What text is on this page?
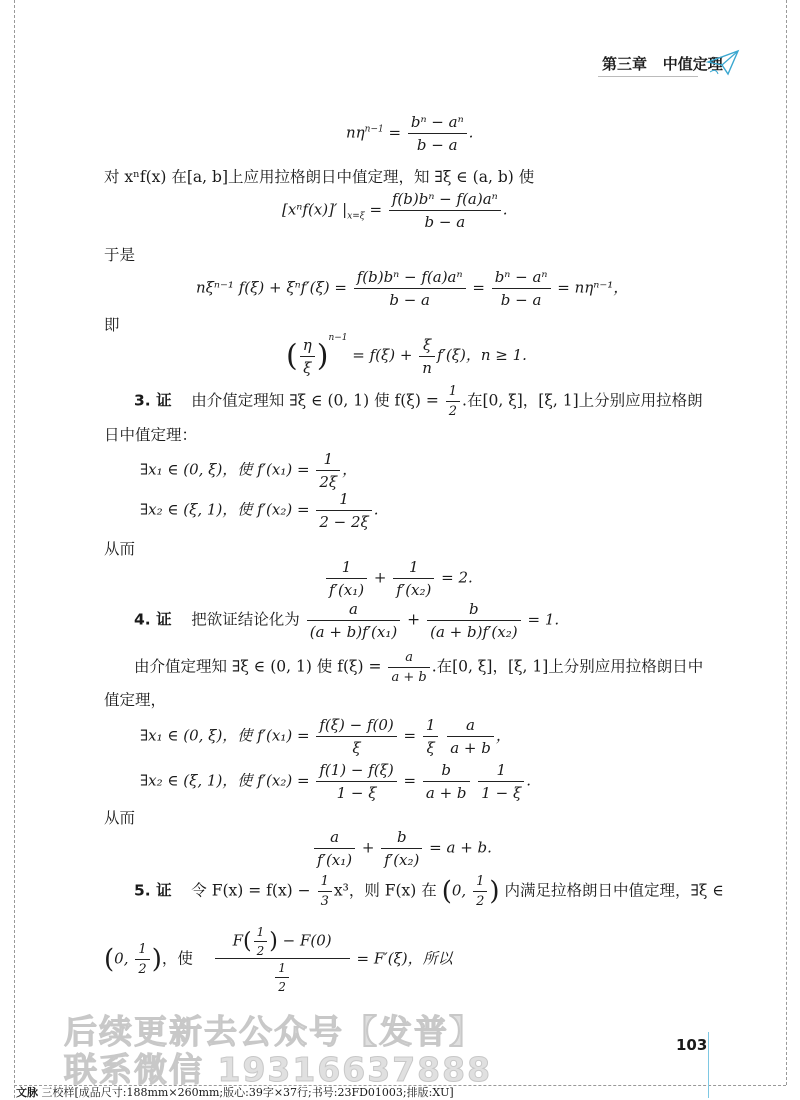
第三章 中值定理
$n\eta^{n-1} = \frac{\text{bⁿ − aⁿ}}{b - a}$ .
对 xⁿf(x) 在[a, b]上应用拉格朗日中值定理，知 ∃ξ ∈ (a, b) 使
[xⁿf(x)]′ $|_{x=\xi} = \frac{\text{f(b)bⁿ − f(a)aⁿ}}{b - a}$ .
于是
nξⁿ⁻¹ $f(\xi) + \xi^nf'(\xi) = \frac{\text{f(b)bⁿ − f(a)aⁿ}}{b - a} = \frac{\text{bⁿ − aⁿ}}{b - a} = n\eta^{n-1}$，
即
( $\frac{\eta}{\xi} )^{n-1} = f(\xi) + \frac{\xi}{n} f'(\xi)$，n ≥ 1.
3. 证 由介值定理知 ∃ξ ∈ (0, 1) 使 $f(\xi) = \frac{1}{2}$ .在[0, ξ]，[ξ, 1]上分别应用拉格朗
日中值定理：
∃x₁ ∈ (0, ξ)，使 $f'(x_1) = \frac{1}{2\xi}$ ，
∃x₂ ∈ (ξ, 1)，使 $f'(x_2) = \frac{1}{2 - 2\xi}$ .
从而
$\frac{1}{\text{f′(x₁)}} + \frac{1}{\text{f′(x₂)}} = 2$.
4. 证 把欲证结论化为 $\frac{a}{\text{(a + b)f′(x₁)}} + \frac{b}{\text{(a + b)f′(x₂)}} = 1$.
由介值定理知 ∃ξ ∈ (0, 1) 使 $f(\xi) = \frac{a}{a + b}$ .在[0, ξ]，[ξ, 1]上分别应用拉格朗日中
值定理，
∃x₁ ∈ (0, ξ)，使 $f'(x_1) = \frac{f(\xi) - f(0)}{\xi} = \frac{1}{\xi}$
$\frac{a}{a + b}$ ，
∃x₂ ∈ (ξ, 1)，使 $f'(x_2) = \frac{f(1) - f(\xi)}{1 - \xi} = \frac{b}{a + b}$
$\frac{1}{1 - \xi}$ .
从而
$\frac{a}{\text{f′(x₁)}} + \frac{b}{\text{f′(x₂)}} = a + b$.
5. 证 令 $F(x) = f(x) - \frac{1}{3} x^3$，则 F(x) 在 (0, $\frac{1}{2}$ ) 内满足拉格朗日中值定理，∃ξ ∈
(0, $\frac{1}{2}$ )，使 $\frac{F( \frac{1}{2} ) - F(0)}{\frac{1}{2}} = F'(\xi)$，所以
后续更新去公众号【发普】
联系微信 19316637888
103
文脉 三校样[成品尺寸:188mm×260mm;版心:39字×37行;书号:23FD01003;排版:XU]
